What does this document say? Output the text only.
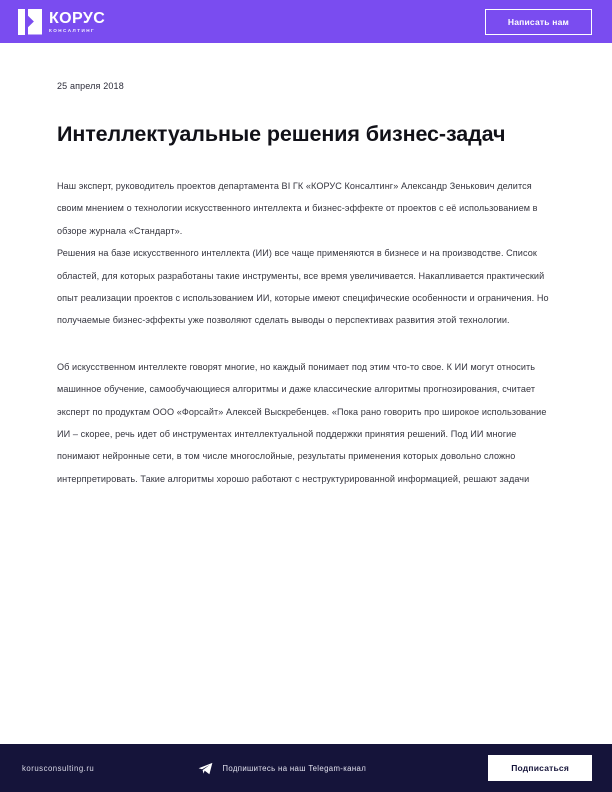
КОРУС
КОНСАЛТИНГ
Написать нам
25 апреля 2018
Интеллектуальные решения бизнес-задач

Наш эксперт, руководитель проектов департамента BI ГК «КОРУС Консалтинг» Александр Зенькович делится своим мнением о технологии искусственного интеллекта и бизнес-эффекте от проектов с её использованием в обзоре журнала «Стандарт».

Решения на базе искусственного интеллекта (ИИ) все чаще применяются в бизнесе и на производстве. Список областей, для которых разработаны такие инструменты, все время увеличивается. Накапливается практический опыт реализации проектов с использованием ИИ, которые имеют специфические особенности и ограничения. Но получаемые бизнес-эффекты уже позволяют сделать выводы о перспективах развития этой технологии.

Об искусственном интеллекте говорят многие, но каждый понимает под этим что-то свое. К ИИ могут относить машинное обучение, самообучающиеся алгоритмы и даже классические алгоритмы прогнозирования, считает эксперт по продуктам ООО «Форсайт» Алексей Выскребенцев. «Пока рано говорить про широкое использование ИИ – скорее, речь идет об инструментах интеллектуальной поддержки принятия решений. Под ИИ многие понимают нейронные сети, в том числе многослойные, результаты применения которых довольно сложно интерпретировать. Такие алгоритмы хорошо работают с неструктурированной информацией, решают задачи

korusconsulting.ru	Подпишитесь на наш Telegam-канал	Подписаться
